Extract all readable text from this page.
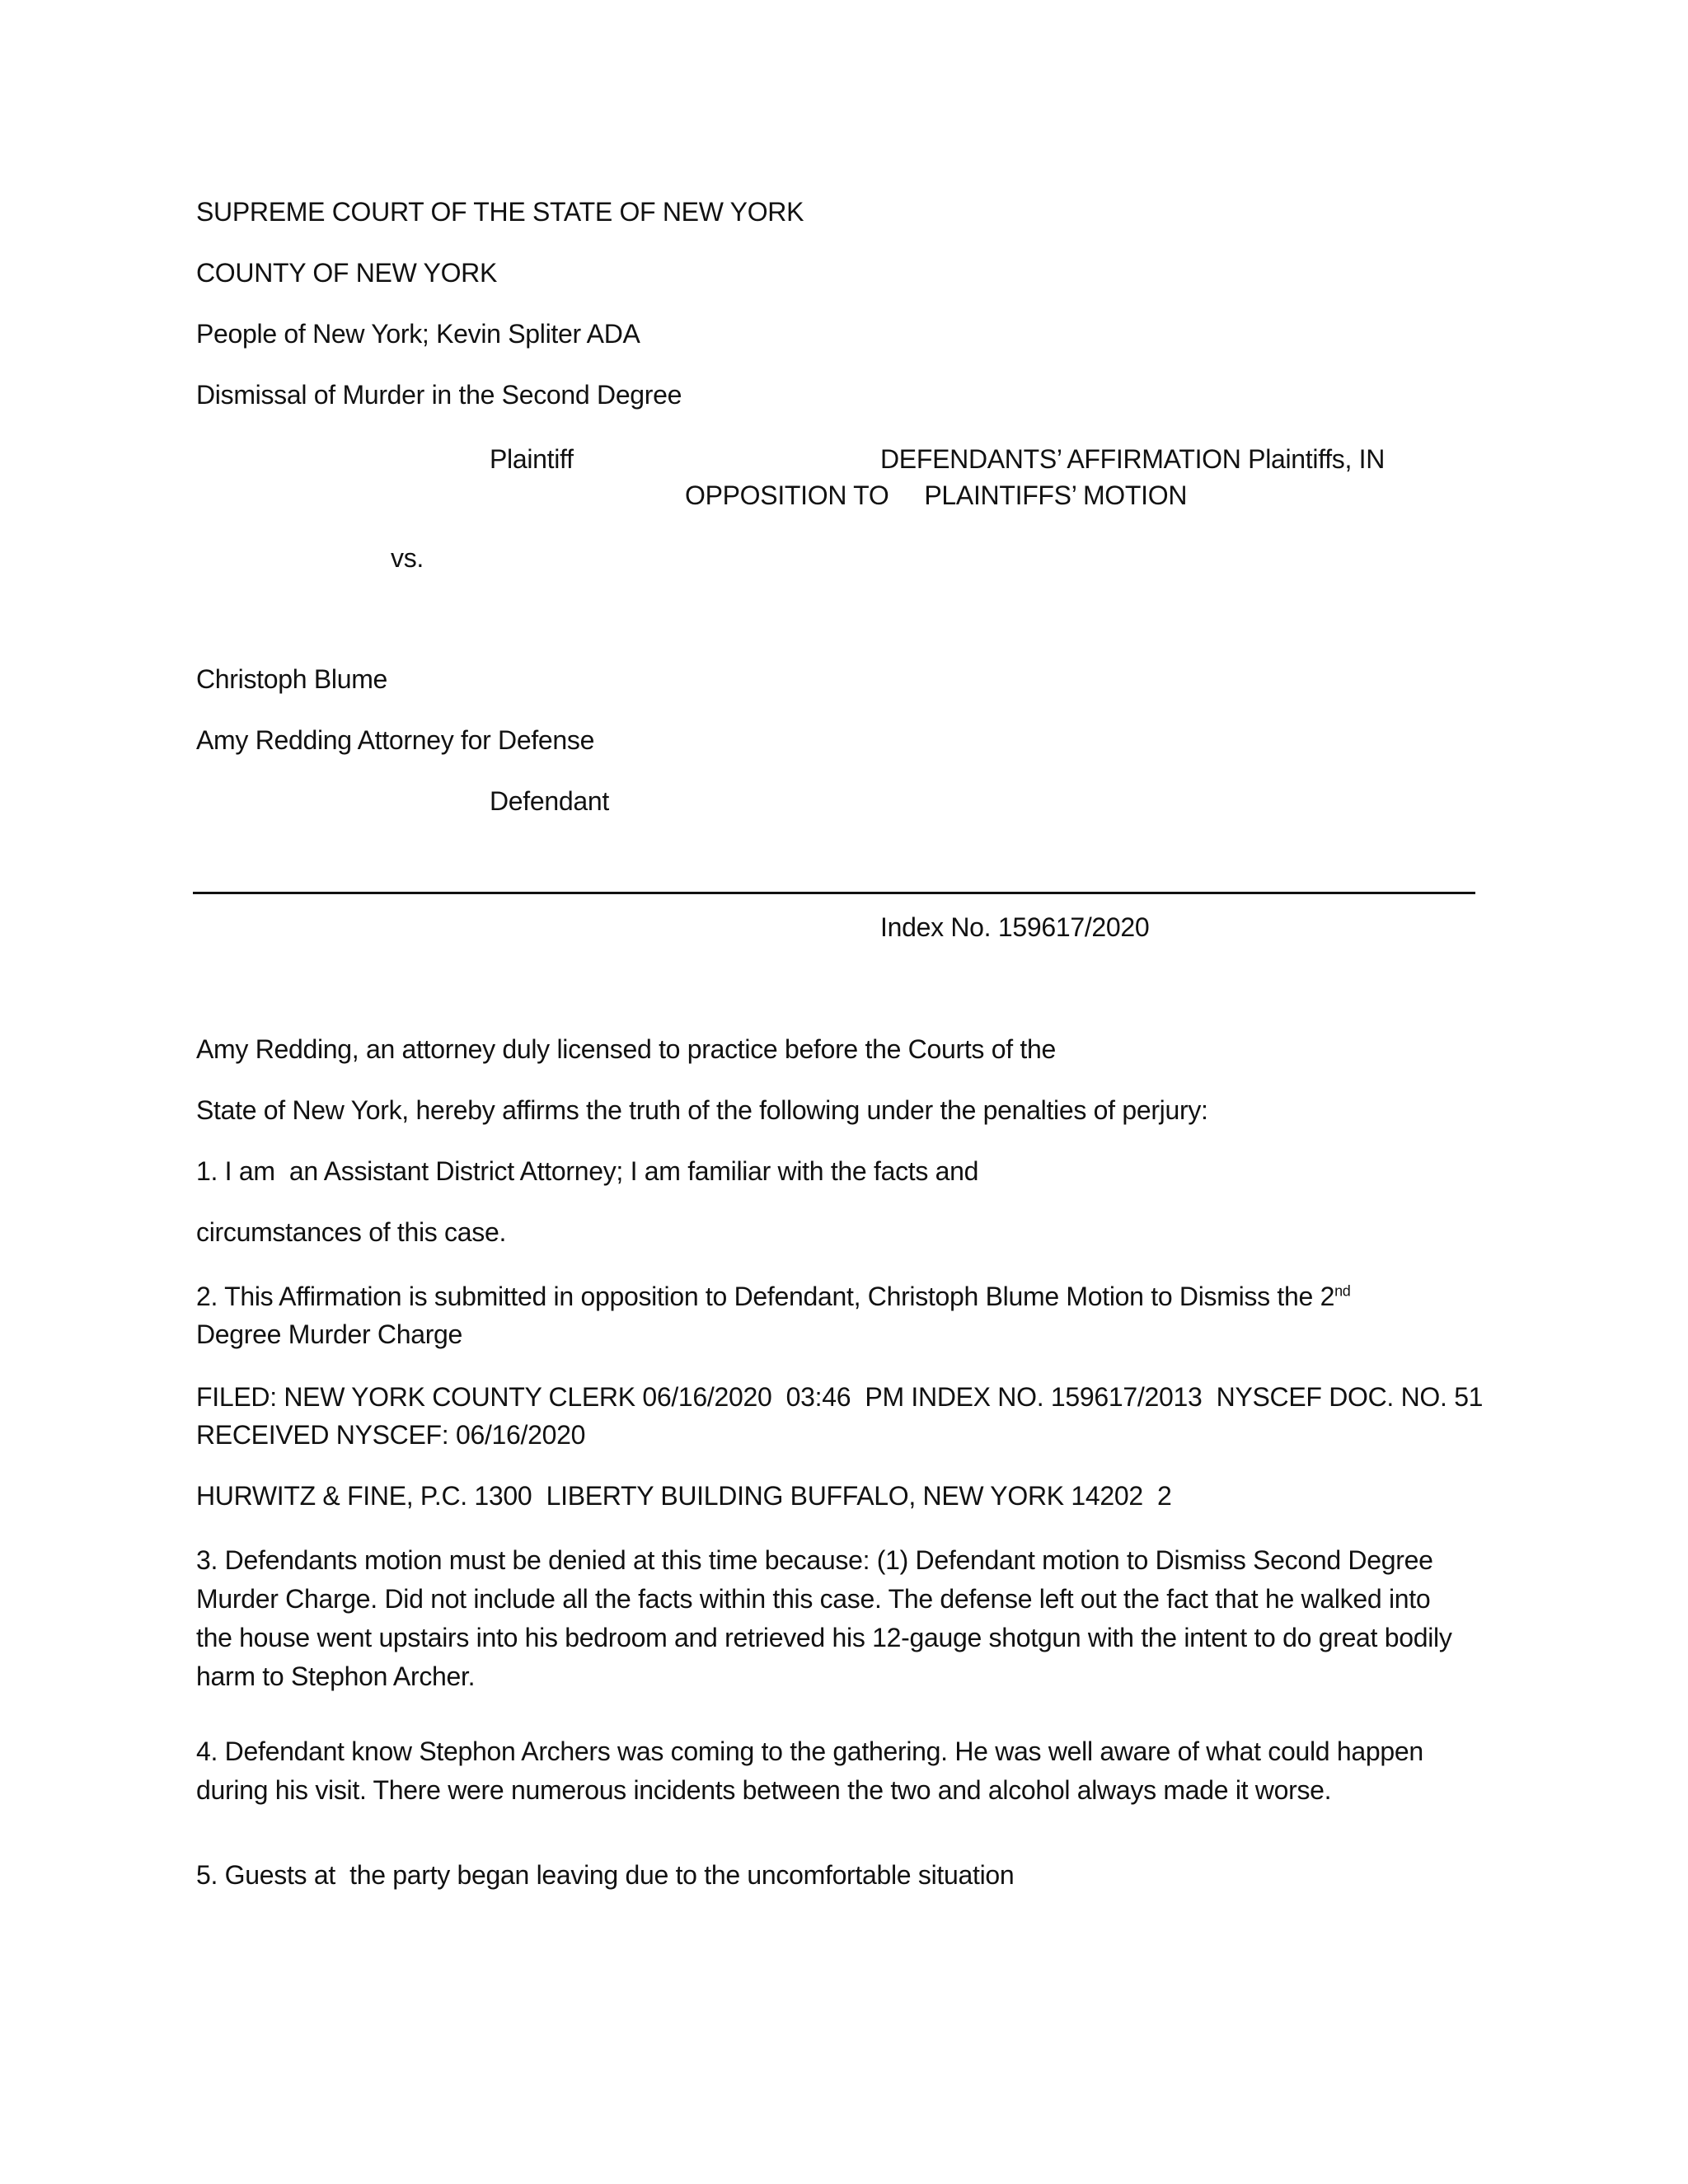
SUPREME COURT OF THE STATE OF NEW YORK
COUNTY OF NEW YORK
People of New York; Kevin Spliter ADA
Dismissal of Murder in the Second Degree
Plaintiff	DEFENDANTS’ AFFIRMATION Plaintiffs, IN
OPPOSITION TO     PLAINTIFFS’ MOTION
vs.
Christoph Blume
Amy Redding Attorney for Defense
Defendant
Index No. 159617/2020
Amy Redding, an attorney duly licensed to practice before the Courts of the
State of New York, hereby affirms the truth of the following under the penalties of perjury:
1. I am  an Assistant District Attorney; I am familiar with the facts and
circumstances of this case.
2. This Affirmation is submitted in opposition to Defendant, Christoph Blume Motion to Dismiss the 2nd
Degree Murder Charge
FILED: NEW YORK COUNTY CLERK 06/16/2020  03:46  PM INDEX NO. 159617/2013  NYSCEF DOC. NO. 51
RECEIVED NYSCEF: 06/16/2020
HURWITZ & FINE, P.C. 1300  LIBERTY BUILDING BUFFALO, NEW YORK 14202  2
3. Defendants motion must be denied at this time because: (1) Defendant motion to Dismiss Second Degree Murder Charge. Did not include all the facts within this case. The defense left out the fact that he walked into the house went upstairs into his bedroom and retrieved his 12-gauge shotgun with the intent to do great bodily harm to Stephon Archer.
4. Defendant know Stephon Archers was coming to the gathering. He was well aware of what could happen during his visit. There were numerous incidents between the two and alcohol always made it worse.
5. Guests at  the party began leaving due to the uncomfortable situation
